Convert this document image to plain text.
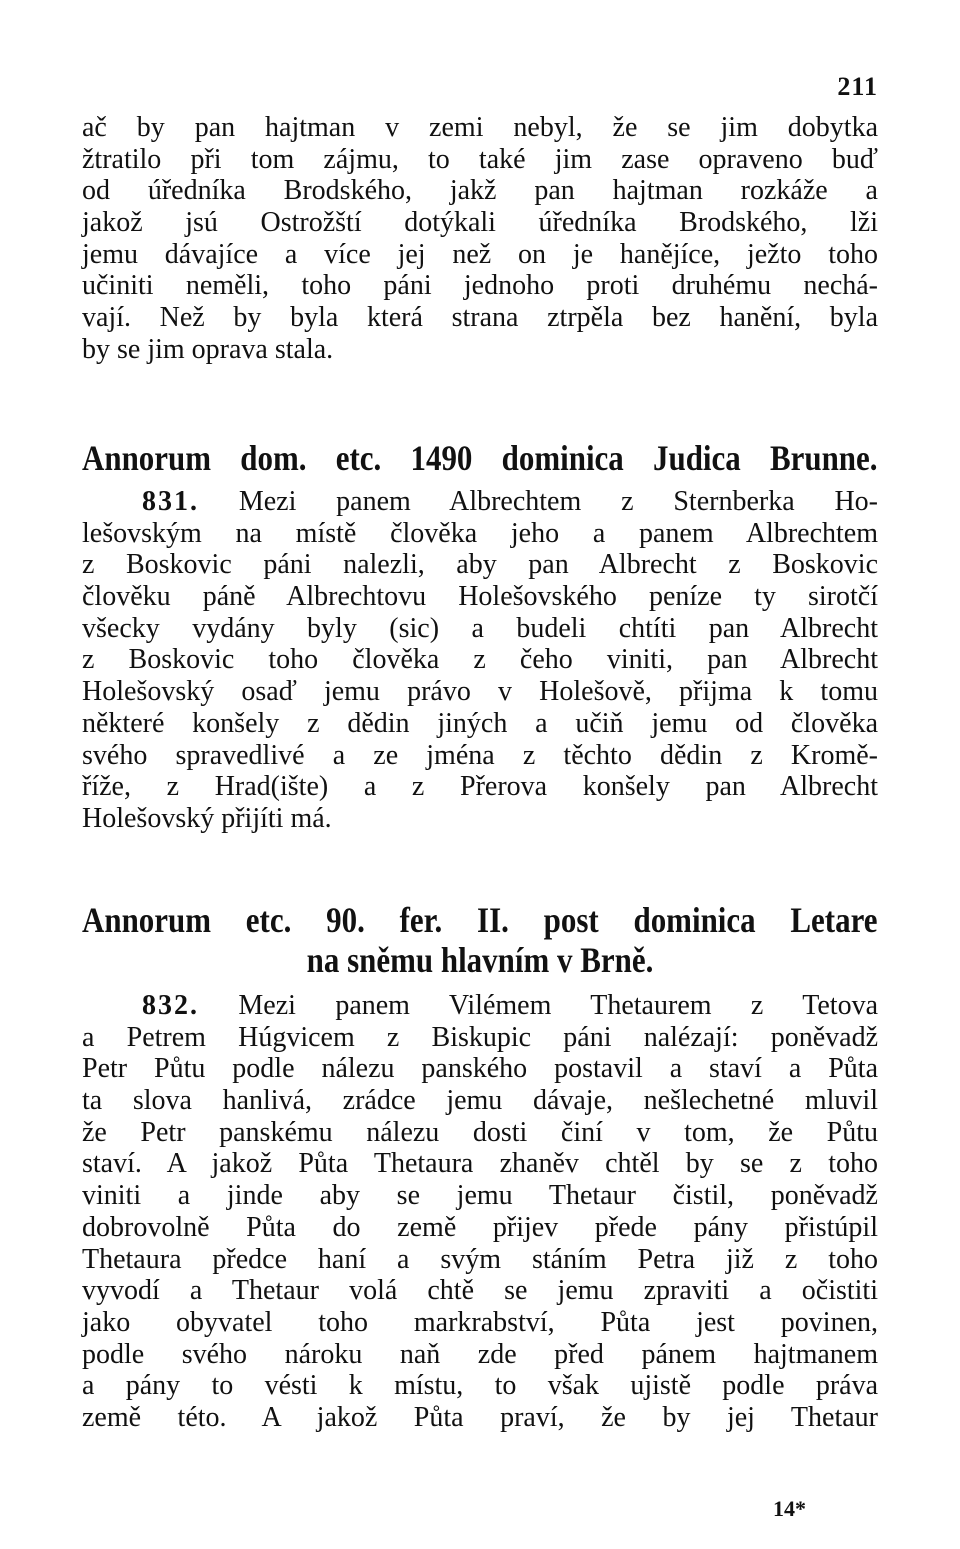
211
ač by pan hajtman v zemi nebyl, že se jim dobytka
žtratilo při tom zájmu, to také jim zase opraveno buď
od úředníka Brodského, jakž pan hajtman rozkáže a
jakož jsú Ostrožští dotýkali úředníka Brodského, lži
jemu dávajíce a více jej než on je hanějíce, ježto toho
učiniti neměli, toho páni jednoho proti druhému nechá-
vají. Než by byla která strana ztrpěla bez hanění, byla
by se jim oprava stala.
Annorum dom. etc. 1490 dominica Judica Brunne.
831. Mezi panem Albrechtem z Sternberka Ho-
lešovským na místě člověka jeho a panem Albrechtem
z Boskovic páni nalezli, aby pan Albrecht z Boskovic
člověku páně Albrechtovu Holešovského peníze ty sirotčí
všecky vydány byly (sic) a budeli chtíti pan Albrecht
z Boskovic toho člověka z čeho viniti, pan Albrecht
Holešovský osaď jemu právo v Holešově, přijma k tomu
některé konšely z dědin jiných a učiň jemu od člověka
svého spravedlivé a ze jména z těchto dědin z Kromě-
říže, z Hrad(ište) a z Přerova konšely pan Albrecht
Holešovský přijíti má.
Annorum etc. 90. fer. II. post dominica Letare
na sněmu hlavním v Brně.
832. Mezi panem Vilémem Thetaurem z Tetova
a Petrem Húgvicem z Biskupic páni nalézají: poněvadž
Petr Půtu podle nálezu panského postavil a staví a Půta
ta slova hanlivá, zrádce jemu dávaje, nešlechetné mluvil
že Petr panskému nálezu dosti činí v tom, že Půtu
staví. A jakož Půta Thetaura zhaněv chtěl by se z toho
viniti a jinde aby se jemu Thetaur čistil, poněvadž
dobrovolně Půta do země přijev přede pány přistúpil
Thetaura předce haní a svým stáním Petra již z toho
vyvodí a Thetaur volá chtě se jemu zpraviti a očistiti
jako obyvatel toho markrabství, Půta jest povinen,
podle svého nároku naň zde před pánem hajtmanem
a pány to vésti k místu, to však ujistě podle práva
země této. A jakož Půta praví, že by jej Thetaur
14*
